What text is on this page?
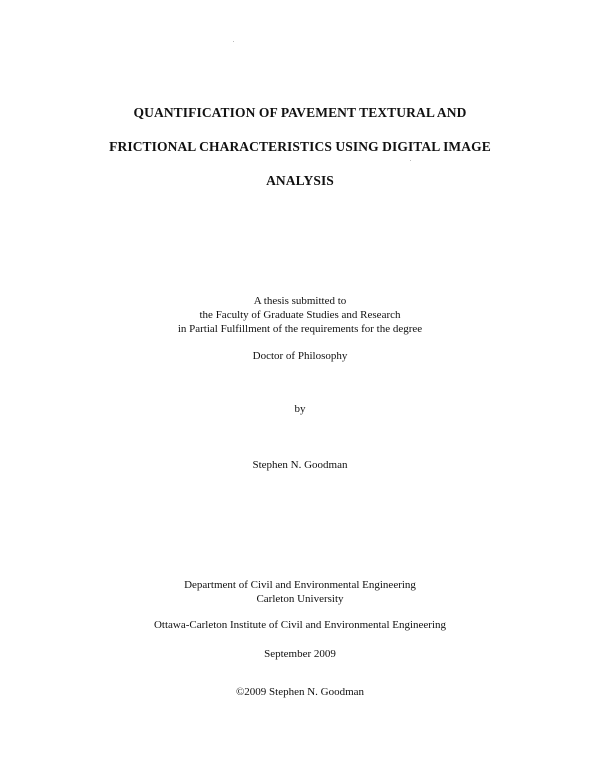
QUANTIFICATION OF PAVEMENT TEXTURAL AND
FRICTIONAL CHARACTERISTICS USING DIGITAL IMAGE
ANALYSIS
A thesis submitted to
the Faculty of Graduate Studies and Research
in Partial Fulfillment of the requirements for the degree
Doctor of Philosophy
by
Stephen N. Goodman
Department of Civil and Environmental Engineering
Carleton University
Ottawa-Carleton Institute of Civil and Environmental Engineering
September 2009
©2009 Stephen N. Goodman
